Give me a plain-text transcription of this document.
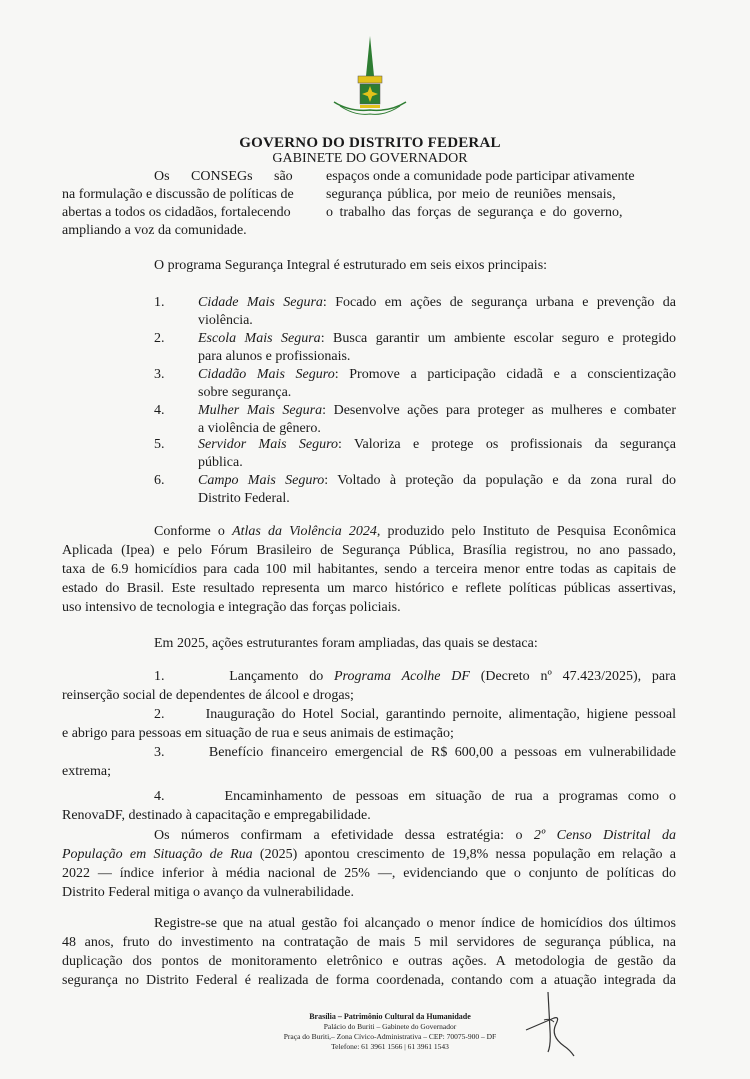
GOVERNO DO DISTRITO FEDERAL
GABINETE DO GOVERNADOR
Os CONSEGs são
na formulação e discussão de políticas de
abertas a todos os cidadãos, fortalecendo
ampliando a voz da comunidade.
espaços onde a comunidade pode participar ativamente
segurança pública, por meio de reuniões mensais,
o trabalho das forças de segurança e do governo,
O programa Segurança Integral é estruturado em seis eixos principais:
1. Cidade Mais Segura: Focado em ações de segurança urbana e prevenção da
violência.
2. Escola Mais Segura: Busca garantir um ambiente escolar seguro e protegido
para alunos e profissionais.
3. Cidadão Mais Seguro: Promove a participação cidadã e a conscientização
sobre segurança.
4. Mulher Mais Segura: Desenvolve ações para proteger as mulheres e combater
a violência de gênero.
5. Servidor Mais Seguro: Valoriza e protege os profissionais da segurança
pública.
6. Campo Mais Seguro: Voltado à proteção da população e da zona rural do
Distrito Federal.
Conforme o Atlas da Violência 2024, produzido pelo Instituto de Pesquisa Econômica
Aplicada (Ipea) e pelo Fórum Brasileiro de Segurança Pública, Brasília registrou, no ano passado,
taxa de 6.9 homicídios para cada 100 mil habitantes, sendo a terceira menor entre todas as capitais de
estado do Brasil. Este resultado representa um marco histórico e reflete políticas públicas assertivas,
uso intensivo de tecnologia e integração das forças policiais.
Em 2025, ações estruturantes foram ampliadas, das quais se destaca:
1.      Lançamento do Programa Acolhe DF (Decreto nº 47.423/2025), para
reinserção social de dependentes de álcool e drogas;
2.      Inauguração do Hotel Social, garantindo pernoite, alimentação, higiene pessoal
e abrigo para pessoas em situação de rua e seus animais de estimação;
3.      Benefício financeiro emergencial de R$ 600,00 a pessoas em vulnerabilidade
extrema;
4.      Encaminhamento de pessoas em situação de rua a programas como o
RenovaDF, destinado à capacitação e empregabilidade.
Os números confirmam a efetividade dessa estratégia: o 2º Censo Distrital da
População em Situação de Rua (2025) apontou crescimento de 19,8% nessa população em relação a
2022 — índice inferior à média nacional de 25% —, evidenciando que o conjunto de políticas do
Distrito Federal mitiga o avanço da vulnerabilidade.
Registre-se que na atual gestão foi alcançado o menor índice de homicídios dos últimos
48 anos, fruto do investimento na contratação de mais 5 mil servidores de segurança pública, na
duplicação dos pontos de monitoramento eletrônico e outras ações. A metodologia de gestão da
segurança no Distrito Federal é realizada de forma coordenada, contando com a atuação integrada da
Brasília – Patrimônio Cultural da Humanidade
Palácio do Buriti – Gabinete do Governador
Praça do Buriti,– Zona Cívico-Administrativa – CEP: 70075-900 – DF
Telefone: 61 3961 1566 | 61 3961 1543
